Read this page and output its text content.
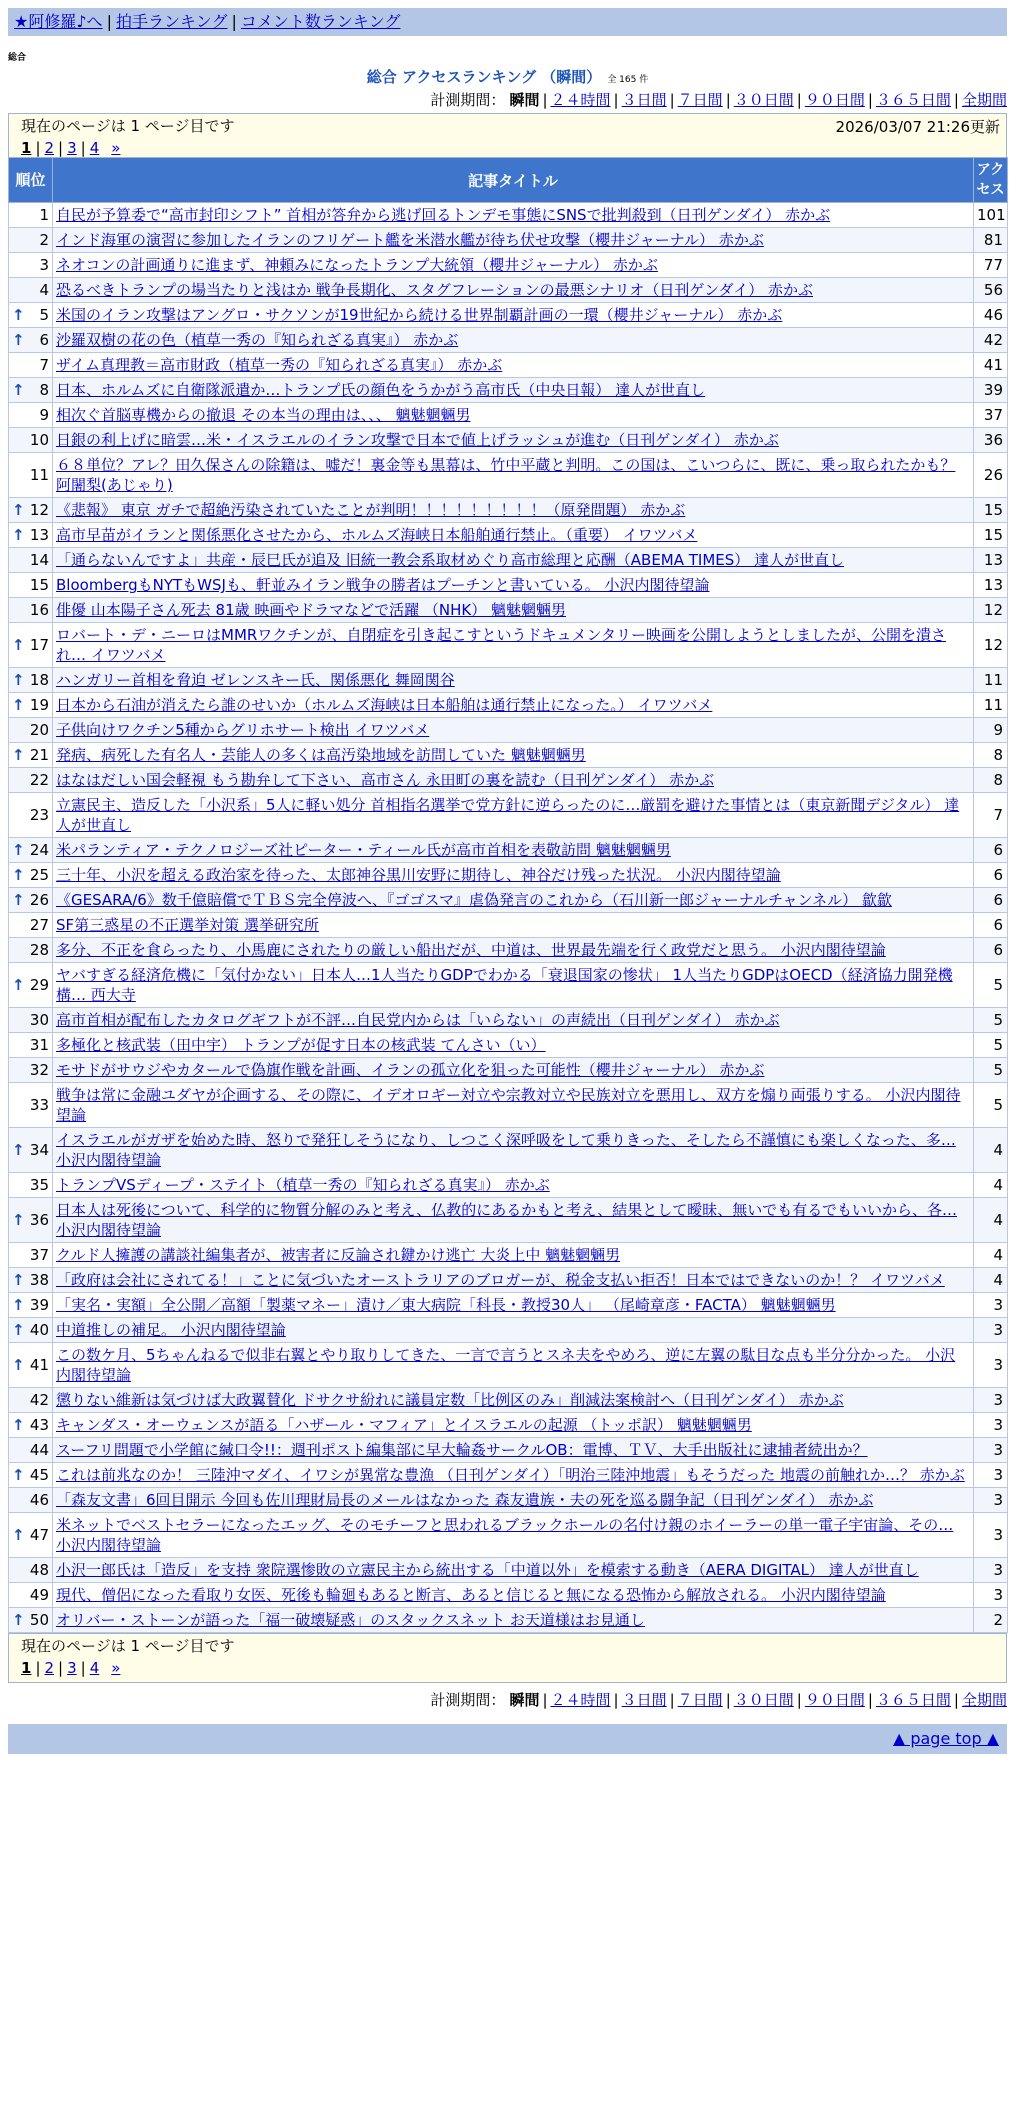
★阿修羅♪へ | 拍手ランキング | コメント数ランキング
総合
総合 アクセスランキング （瞬間） 全 165 件
計測期間： 瞬間 | ２４時間 | ３日間 | ７日間 | ３０日間 | ９０日間 | ３６５日間 | 全期間
現在のページは 1 ページ目です	2026/03/07 21:26更新
1 | 2 | 3 | 4 »
順位	記事タイトル	アクセス
1	自民が予算委で“高市封印シフト” 首相が答弁から逃げ回るトンデモ事態にSNSで批判殺到（日刊ゲンダイ） 赤かぶ	101
2	インド海軍の演習に参加したイランのフリゲート艦を米潜水艦が待ち伏せ攻撃（櫻井ジャーナル） 赤かぶ	81
3	ネオコンの計画通りに進まず、神頼みになったトランプ大統領（櫻井ジャーナル） 赤かぶ	77
4	恐るべきトランプの場当たりと浅はか 戦争長期化、スタグフレーションの最悪シナリオ（日刊ゲンダイ） 赤かぶ	56

↑ 5	米国のイラン攻撃はアングロ・サクソンが19世紀から続ける世界制覇計画の一環（櫻井ジャーナル） 赤かぶ	46

↑ 6	沙羅双樹の花の色（植草一秀の『知られざる真実』） 赤かぶ	42
7	ザイム真理教＝高市財政（植草一秀の『知られざる真実』） 赤かぶ	41

↑ 8	日本、ホルムズに自衛隊派遣か…トランプ氏の顔色をうかがう高市氏（中央日報） 達人が世直し	39
9	相次ぐ首脳専機からの撤退 その本当の理由は、、、 魑魅魍魎男	37
10	日銀の利上げに暗雲…米・イスラエルのイラン攻撃で日本で値上げラッシュが進む（日刊ゲンダイ） 赤かぶ	36
11	６８単位？アレ？田久保さんの除籍は、嘘だ！裏金等も黒幕は、竹中平蔵と判明。この国は、こいつらに、既に、乗っ取られたかも？ 阿闍梨(あじゃり)	26

↑ 12	《悲報》 東京 ガチで超絶汚染されていたことが判明！！！！！！！！！（原発問題） 赤かぶ	15

↑ 13	高市早苗がイランと関係悪化させたから、ホルムズ海峡日本船舶通行禁止。（重要） イワツバメ	15
14	「通らないんですよ」共産・辰巳氏が追及 旧統一教会系取材めぐり高市総理と応酬（ABEMA TIMES） 達人が世直し	13
15	BloombergもNYTもWSJも、軒並みイラン戦争の勝者はプーチンと書いている。 小沢内閣待望論	13
16	俳優 山本陽子さん死去 81歳 映画やドラマなどで活躍 （NHK） 魑魅魍魎男	12

↑ 17	ロバート・デ・ニーロはMMRワクチンが、自閉症を引き起こすというドキュメンタリー映画を公開しようとしましたが、公開を潰され… イワツバメ	12

↑ 18	ハンガリー首相を脅迫 ゼレンスキー氏、関係悪化 舞岡関谷	11

↑ 19	日本から石油が消えたら誰のせいか（ホルムズ海峡は日本船舶は通行禁止になった。） イワツバメ	11
20	子供向けワクチン5種からグリホサート検出 イワツバメ	9

↑ 21	発病、病死した有名人・芸能人の多くは高汚染地域を訪問していた 魑魅魍魎男	8
22	はなはだしい国会軽視 もう勘弁して下さい、高市さん 永田町の裏を読む（日刊ゲンダイ） 赤かぶ	8
23	立憲民主、造反した「小沢系」5人に軽い処分 首相指名選挙で党方針に逆らったのに…厳罰を避けた事情とは（東京新聞デジタル） 達人が世直し	7

↑ 24	米パランティア・テクノロジーズ社ピーター・ティール氏が高市首相を表敬訪問 魑魅魍魎男	6

↑ 25	三十年、小沢を超える政治家を待った、太郎神谷黒川安野に期待し、神谷だけ残った状況。 小沢内閣待望論	6

↑ 26	《GESARA/6》数千億賠償でＴＢＳ完全停波へ、『ゴゴスマ』虐偽発言のこれから（石川新一郎ジャーナルチャンネル） 歙歙	6
27	SF第三惑星の不正選挙対策 選挙研究所	6
28	多分、不正を食らったり、小馬鹿にされたりの厳しい船出だが、中道は、世界最先端を行く政党だと思う。 小沢内閣待望論	6

↑ 29	ヤバすぎる経済危機に「気付かない」日本人…1人当たりGDPでわかる「衰退国家の惨状」 1人当たりGDPはOECD（経済協力開発機構… 西大寺	5
30	高市首相が配布したカタログギフトが不評…自民党内からは「いらない」の声続出（日刊ゲンダイ） 赤かぶ	5
31	多極化と核武装（田中宇） トランプが促す日本の核武装 てんさい（い）	5
32	モサドがサウジやカタールで偽旗作戦を計画、イランの孤立化を狙った可能性（櫻井ジャーナル） 赤かぶ	5
33	戦争は常に金融ユダヤが企画する、その際に、イデオロギー対立や宗教対立や民族対立を悪用し、双方を煽り両張りする。 小沢内閣待望論	5

↑ 34	イスラエルがガザを始めた時、怒りで発狂しそうになり、しつこく深呼吸をして乗りきった、そしたら不謹慎にも楽しくなった、多… 小沢内閣待望論	4
35	トランプVSディープ・ステイト（植草一秀の『知られざる真実』） 赤かぶ	4

↑ 36	日本人は死後について、科学的に物質分解のみと考え、仏教的にあるかもと考え、結果として曖昧、無いでも有るでもいいから、各… 小沢内閣待望論	4
37	クルド人擁護の講談社編集者が、被害者に反論され鍵かけ逃亡 大炎上中 魑魅魍魎男	4

↑ 38	「政府は会社にされてる！」ことに気づいたオーストラリアのブロガーが、税金支払い拒否！日本ではできないのか！？ イワツバメ	4

↑ 39	「実名・実額」全公開／高額「製薬マネー」漬け／東大病院「科長・教授30人」 （尾崎章彦・FACTA） 魑魅魍魎男	3

↑ 40	中道推しの補足。 小沢内閣待望論	3

↑ 41	この数ケ月、5ちゃんねるで似非右翼とやり取りしてきた、一言で言うとスネ夫をやめろ、逆に左翼の駄目な点も半分分かった。 小沢内閣待望論	3
42	懲りない維新は気づけば大政翼賛化 ドサクサ紛れに議員定数「比例区のみ」削減法案検討へ（日刊ゲンダイ） 赤かぶ	3

↑ 43	キャンダス・オーウェンスが語る「ハザール・マフィア」とイスラエルの起源 （トッポ訳） 魑魅魍魎男	3
44	スーフリ問題で小学館に緘口令!!：週刊ポスト編集部に早大輪姦サークルOB：電博、ＴＶ、大手出版社に逮捕者続出か？	3

↑ 45	これは前兆なのか！ 三陸沖マダイ、イワシが異常な豊漁 （日刊ゲンダイ）「明治三陸沖地震」もそうだった 地震の前触れか…？ 赤かぶ	3
46	「森友文書」6回目開示 今回も佐川理財局長のメールはなかった 森友遺族・夫の死を巡る闘争記（日刊ゲンダイ） 赤かぶ	3

↑ 47	米ネットでベストセラーになったエッグ、そのモチーフと思われるブラックホールの名付け親のホイーラーの単一電子宇宙論、その… 小沢内閣待望論	3
48	小沢一郎氏は「造反」を支持 衆院選惨敗の立憲民主から統出する「中道以外」を模索する動き（AERA DIGITAL） 達人が世直し	3
49	現代、僧侶になった看取り女医、死後も輪廻もあると断言、あると信じると無になる恐怖から解放される。 小沢内閣待望論	3

↑ 50	オリバー・ストーンが語った「福一破壊疑惑」のスタックスネット お天道様はお見通し	2
現在のページは 1 ページ目です
1 | 2 | 3 | 4 »
計測期間： 瞬間 | ２４時間 | ３日間 | ７日間 | ３０日間 | ９０日間 | ３６５日間 | 全期間
▲ page top ▲
